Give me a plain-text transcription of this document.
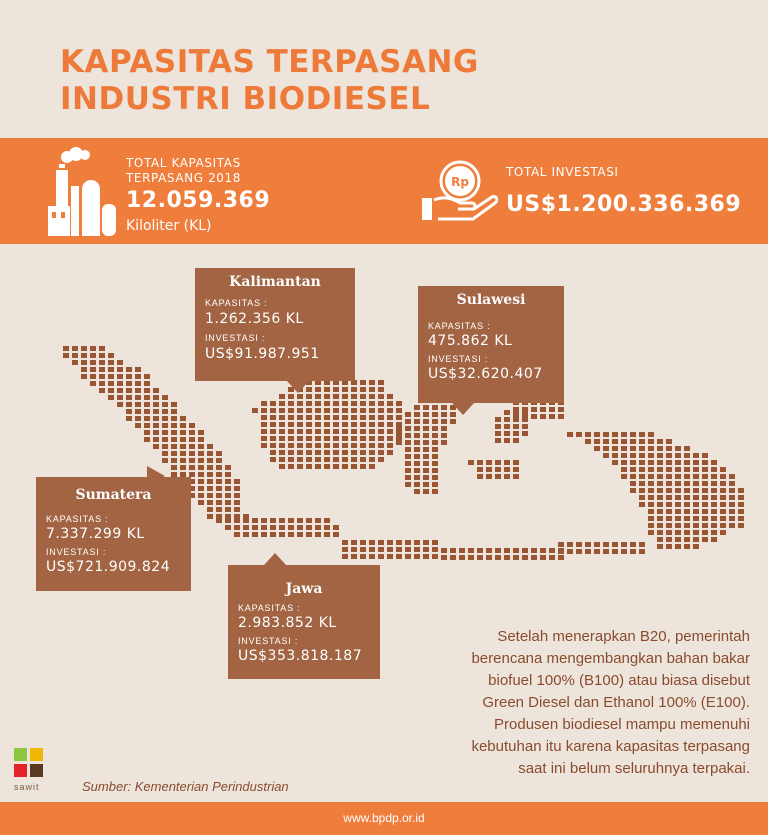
KAPASITAS TERPASANG
INDUSTRI BIODIESEL
TOTAL KAPASITAS
TERPASANG 2018
12.059.369
Kiloliter (KL)
Rp
TOTAL INVESTASI
US$1.200.336.369
Kalimantan
KAPASITAS :
1.262.356 KL
INVESTASI :
US$91.987.951
Sulawesi
KAPASITAS :
475.862 KL
INVESTASI :
US$32.620.407
Sumatera
KAPASITAS :
7.337.299 KL
INVESTASI :
US$721.909.824
Jawa
KAPASITAS :
2.983.852 KL
INVESTASI :
US$353.818.187
Setelah menerapkan B20, pemerintah
berencana mengembangkan bahan bakar
biofuel 100% (B100) atau biasa disebut
Green Diesel dan Ethanol 100% (E100).
Produsen biodiesel mampu memenuhi
kebutuhan itu karena kapasitas terpasang
saat ini belum seluruhnya terpakai.
sawit	Sumber: Kementerian Perindustrian
www.bpdp.or.id
